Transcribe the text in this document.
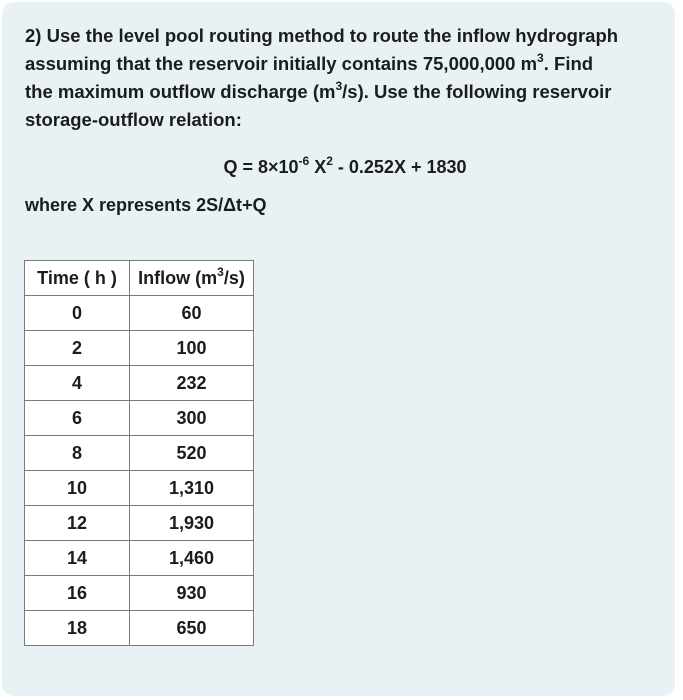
2) Use the level pool routing method to route the inflow hydrograph
assuming that the reservoir initially contains 75,000,000 $m^3$. Find
the maximum outflow discharge $(m^3/s)$. Use the following reservoir
storage-outflow relation:

$Q = 8\times 10^{-6}$ $X^2 - 0.252X + 1830$
where X represents 2S/Δt+Q
Time ( h )	Inflow $(m^3/s)$
0	60
2	100
4	232
6	300
8	520
10	1,310
12	1,930
14	1,460
16	930
18	650
